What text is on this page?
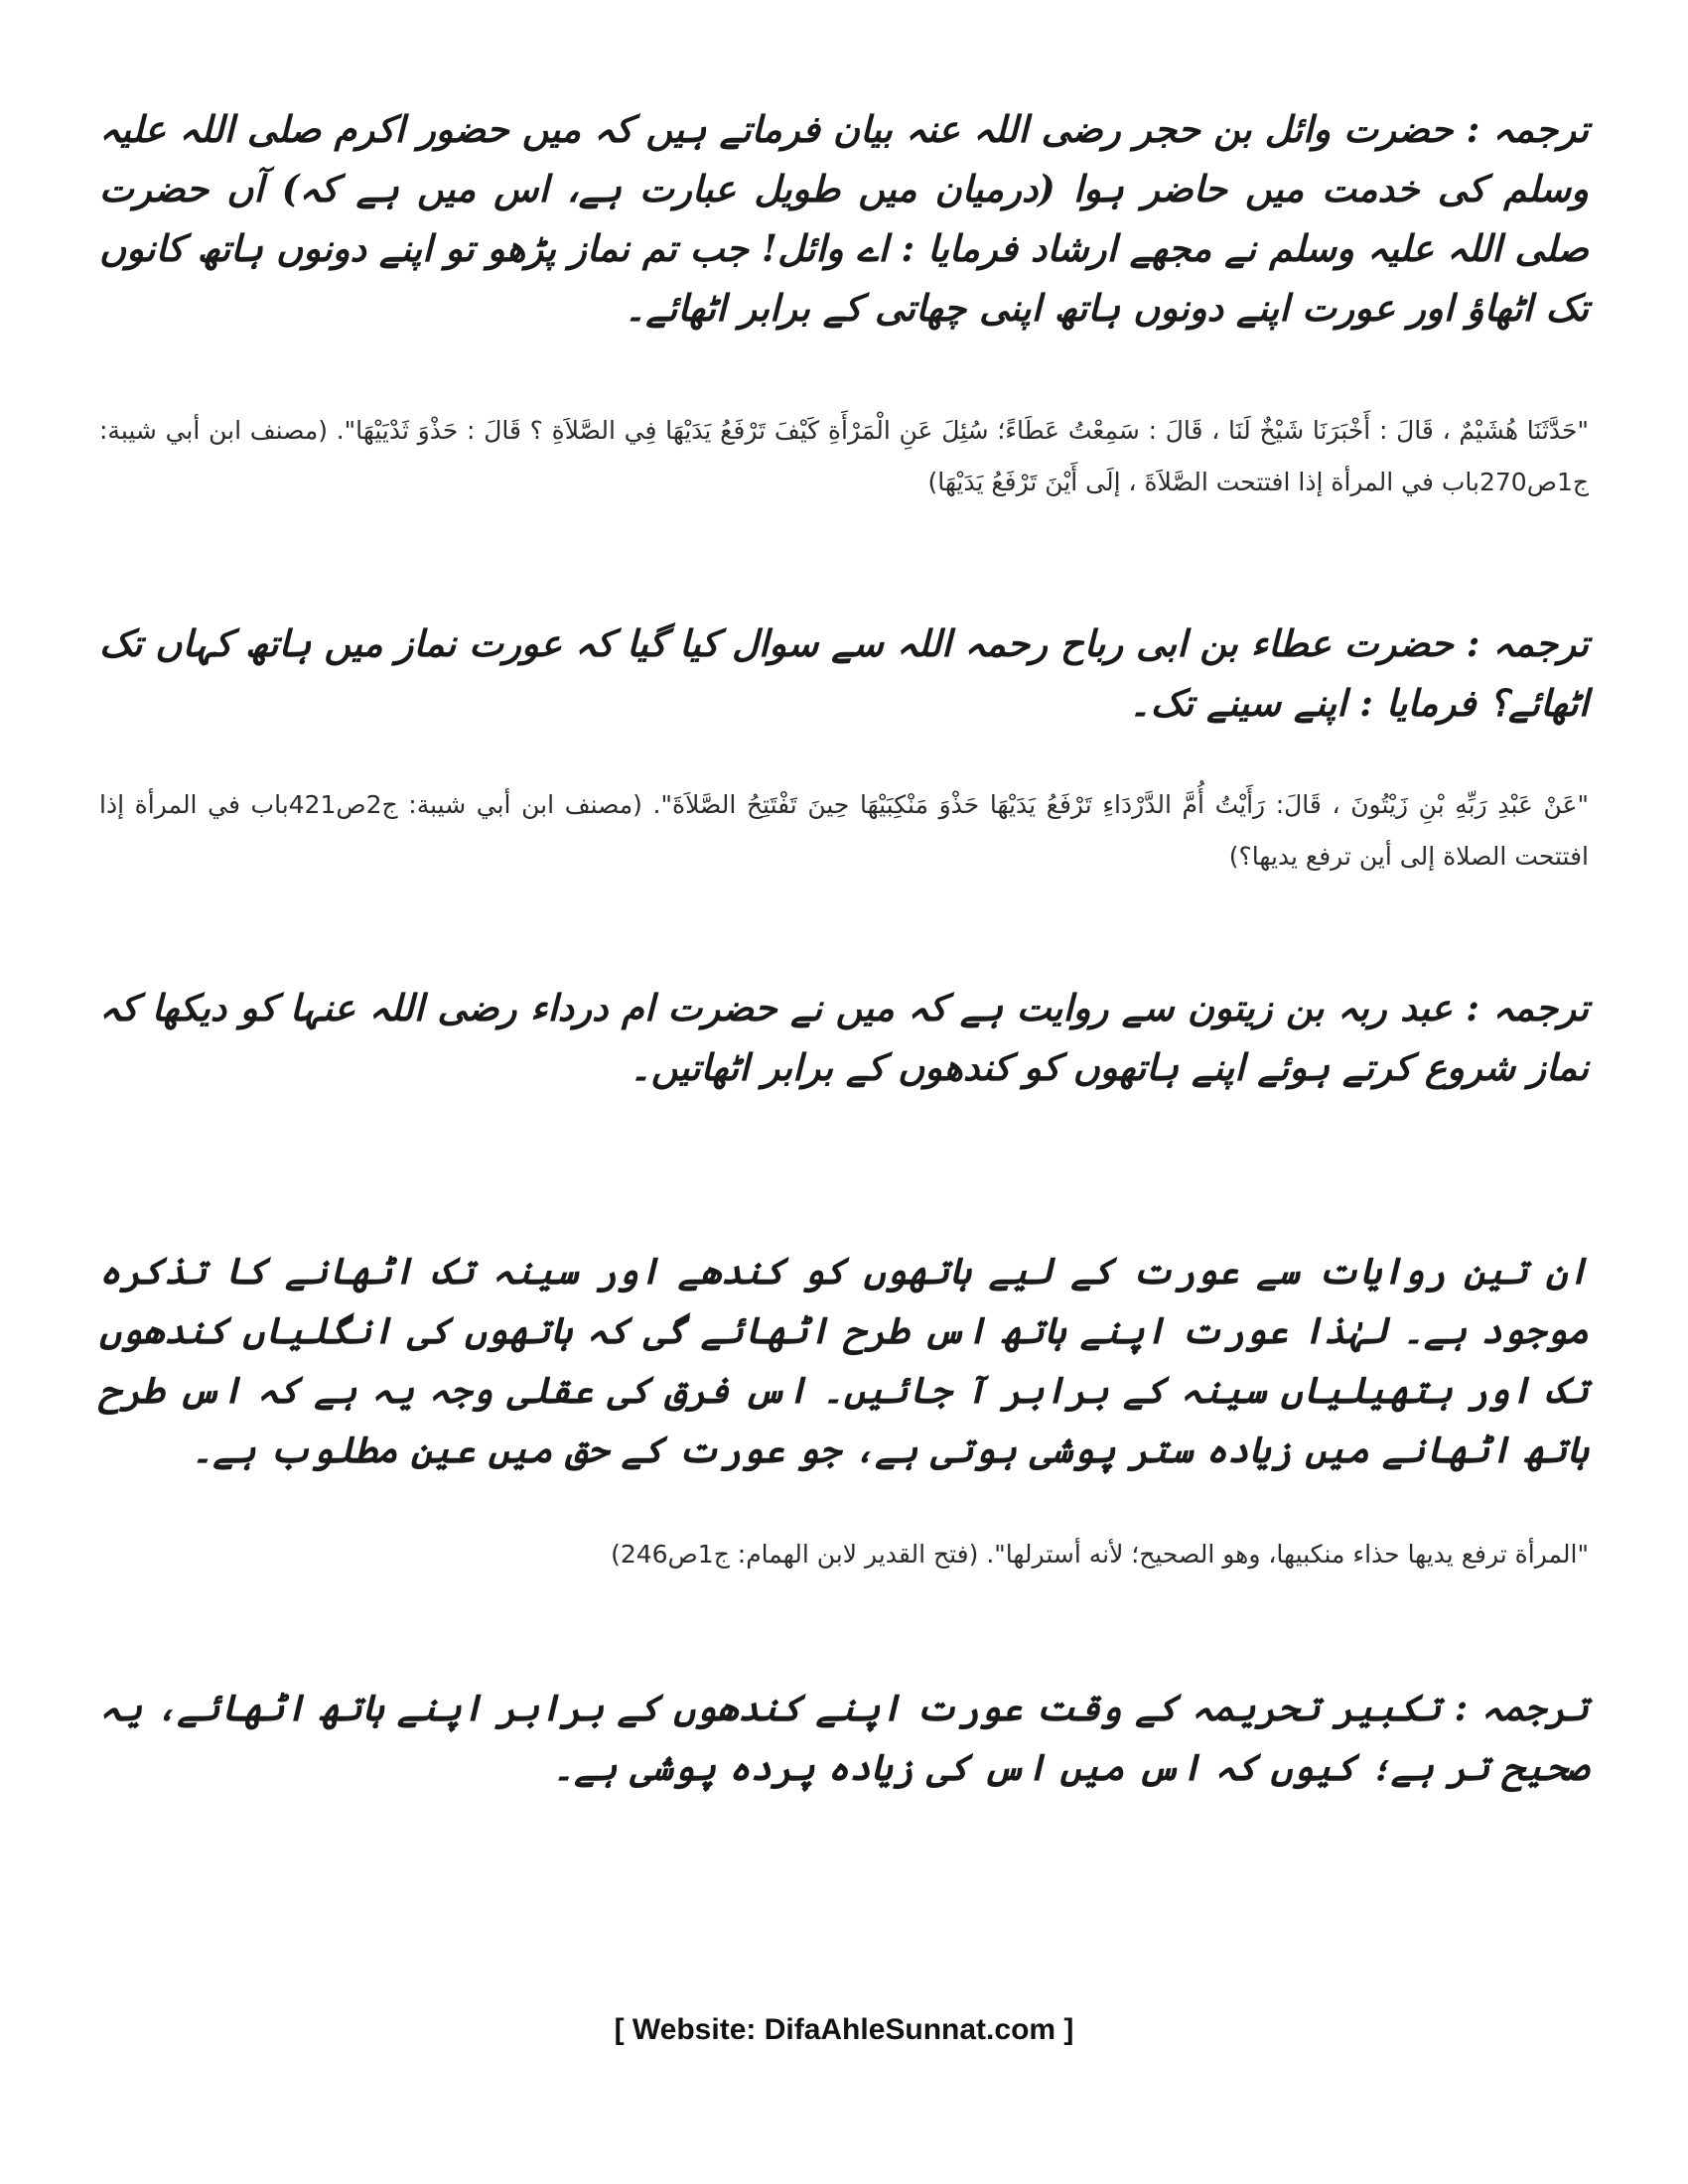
ترجمہ : حضرت وائل بن حجر رضی اللہ عنہ بیان فرماتے ہیں کہ میں حضور اکرم صلی اللہ علیہ وسلم کی خدمت میں حاضر ہوا (درمیان میں طویل عبارت ہے، اس میں ہے کہ) آں حضرت صلی اللہ علیہ وسلم نے مجھے ارشاد فرمایا : اے وائل! جب تم نماز پڑھو تو اپنے دونوں ہاتھ کانوں تک اٹھاؤ اور عورت اپنے دونوں ہاتھ اپنی چھاتی کے برابر اٹھائے۔

"حَدَّثَنَا هُشَيْمٌ ، قَالَ : أَخْبَرَنَا شَيْخٌ لَنَا ، قَالَ : سَمِعْتُ عَطَاءً؛ سُئِلَ عَنِ الْمَرْأَةِ كَيْفَ تَرْفَعُ يَدَيْهَا فِي الصَّلاَةِ ؟ قَالَ : حَذْوَ ثَدْيَيْهَا". (مصنف ابن أبي شيبة: ج1ص270باب في المرأة إذا افتتحت الصَّلاَةَ ، إلَى أَيْنَ تَرْفَعُ يَدَيْهَا)

ترجمہ : حضرت عطاء بن ابی رباح رحمہ اللہ سے سوال کیا گیا کہ عورت نماز میں ہاتھ کہاں تک اٹھائے؟ فرمایا : اپنے سینے تک۔

"عَنْ عَبْدِ رَبِّهِ بْنِ زَيْتُونَ ، قَالَ: رَأَيْتُ أُمَّ الدَّرْدَاءِ تَرْفَعُ يَدَيْهَا حَذْوَ مَنْكِبَيْهَا حِينَ تَفْتَتِحُ الصَّلاَةَ". (مصنف ابن أبي شيبة: ج2ص421باب في المرأة إذا افتتحت الصلاة إلى أين ترفع يديها؟)

ترجمہ : عبد ربہ بن زیتون سے روایت ہے کہ میں نے حضرت ام درداء رضی اللہ عنہا کو دیکھا کہ نماز شروع کرتے ہوئے اپنے ہاتھوں کو کندھوں کے برابر اٹھاتیں۔

ان تین روایات سے عورت کے لیے ہاتھوں کو کندھے اور سینہ تک اٹھانے کا تذکرہ موجود ہے۔ لہٰذا عورت اپنے ہاتھ اس طرح اٹھائے گی کہ ہاتھوں کی انگلیاں کندھوں تک اور ہتھیلیاں سینہ کے برابر آ جائیں۔ اس فرق کی عقلی وجہ یہ ہے کہ اس طرح ہاتھ اٹھانے میں زیادہ ستر پوشی ہوتی ہے، جو عورت کے حق میں عین مطلوب ہے۔

"المرأة ترفع يديها حذاء منكبيها، وهو الصحيح؛ لأنه أسترلها". (فتح القدير لابن الهمام: ج1ص246)

ترجمہ : تکبیر تحریمہ کے وقت عورت اپنے کندھوں کے برابر اپنے ہاتھ اٹھائے، یہ صحیح تر ہے؛ کیوں کہ اس میں اس کی زیادہ پردہ پوشی ہے۔

[ Website: DifaAhleSunnat.com ]
